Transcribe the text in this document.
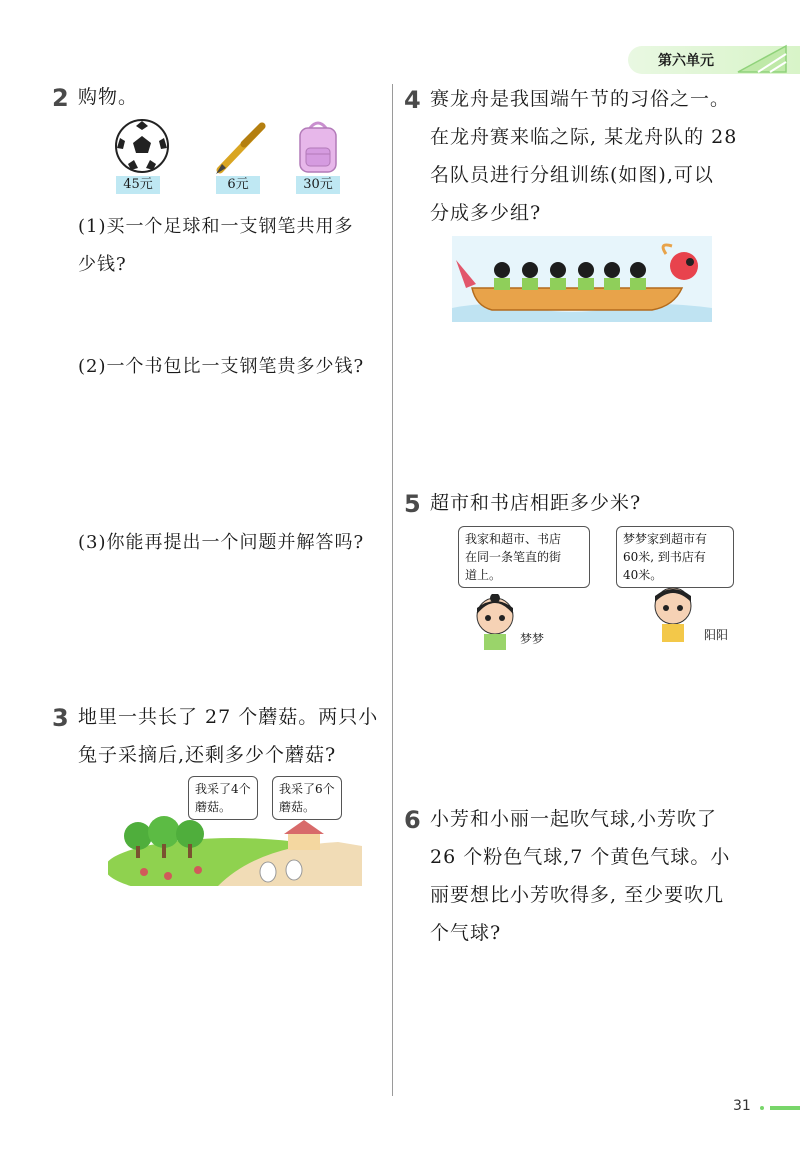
第六单元
2 购物。
45元	6元	30元
(1)买一个足球和一支钢笔共用多
少钱?
(2)一个书包比一支钢笔贵多少钱?
(3)你能再提出一个问题并解答吗?
3 地里一共长了 27 个蘑菇。两只小
兔子采摘后,还剩多少个蘑菇?
我采了4个
蘑菇。
我采了6个
蘑菇。
4 赛龙舟是我国端午节的习俗之一。
在龙舟赛来临之际, 某龙舟队的 28
名队员进行分组训练(如图),可以
分成多少组?
5 超市和书店相距多少米?
我家和超市、书店
在同一条笔直的街
道上。
梦梦家到超市有
60米, 到书店有
40米。
梦梦	阳阳
6 小芳和小丽一起吹气球,小芳吹了
26 个粉色气球,7 个黄色气球。小
丽要想比小芳吹得多, 至少要吹几
个气球?
31
